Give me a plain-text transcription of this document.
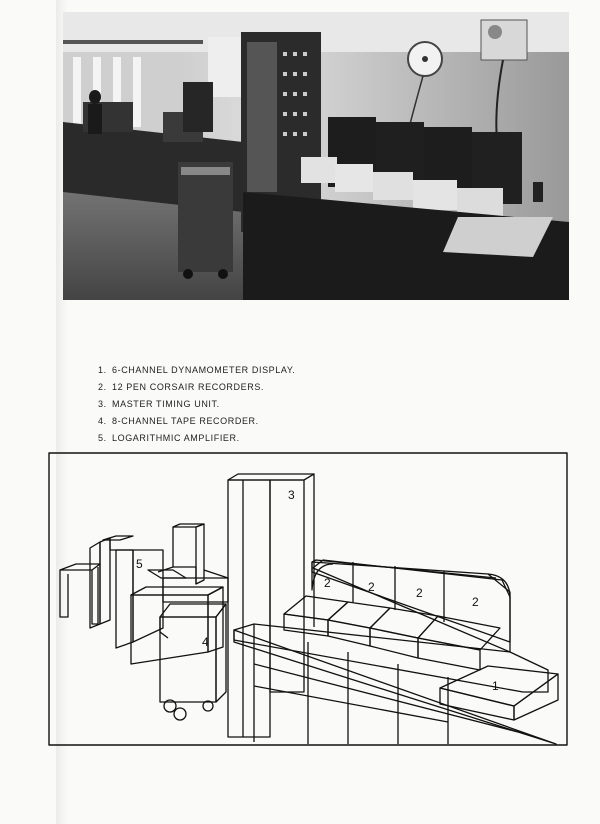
1. 6-CHANNEL DYNAMOMETER DISPLAY.
2. 12 PEN CORSAIR RECORDERS.
3. MASTER TIMING UNIT.
4. 8-CHANNEL TAPE RECORDER.
5. LOGARITHMIC AMPLIFIER.
5
4
3
2	2	2
2
1
